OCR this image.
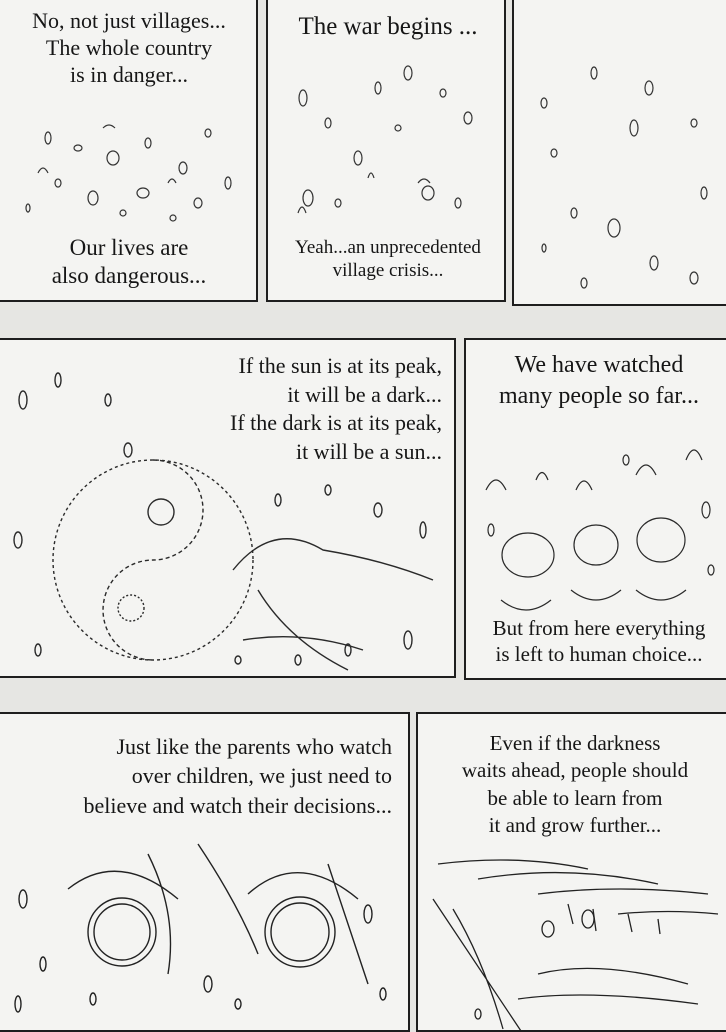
No, not just villages...
The whole country
is in danger...

Our lives are
also dangerous...

The war begins ...

Yeah...an unprecedented
village crisis...

If the sun is at its peak,
it will be a dark...
If the dark is at its peak,
it will be a sun...

We have watched
many people so far...

But from here everything
is left to human choice...

Just like the parents who watch
over children, we just need to
believe and watch their decisions...

Even if the darkness
waits ahead, people should
be able to learn from
it and grow further...
